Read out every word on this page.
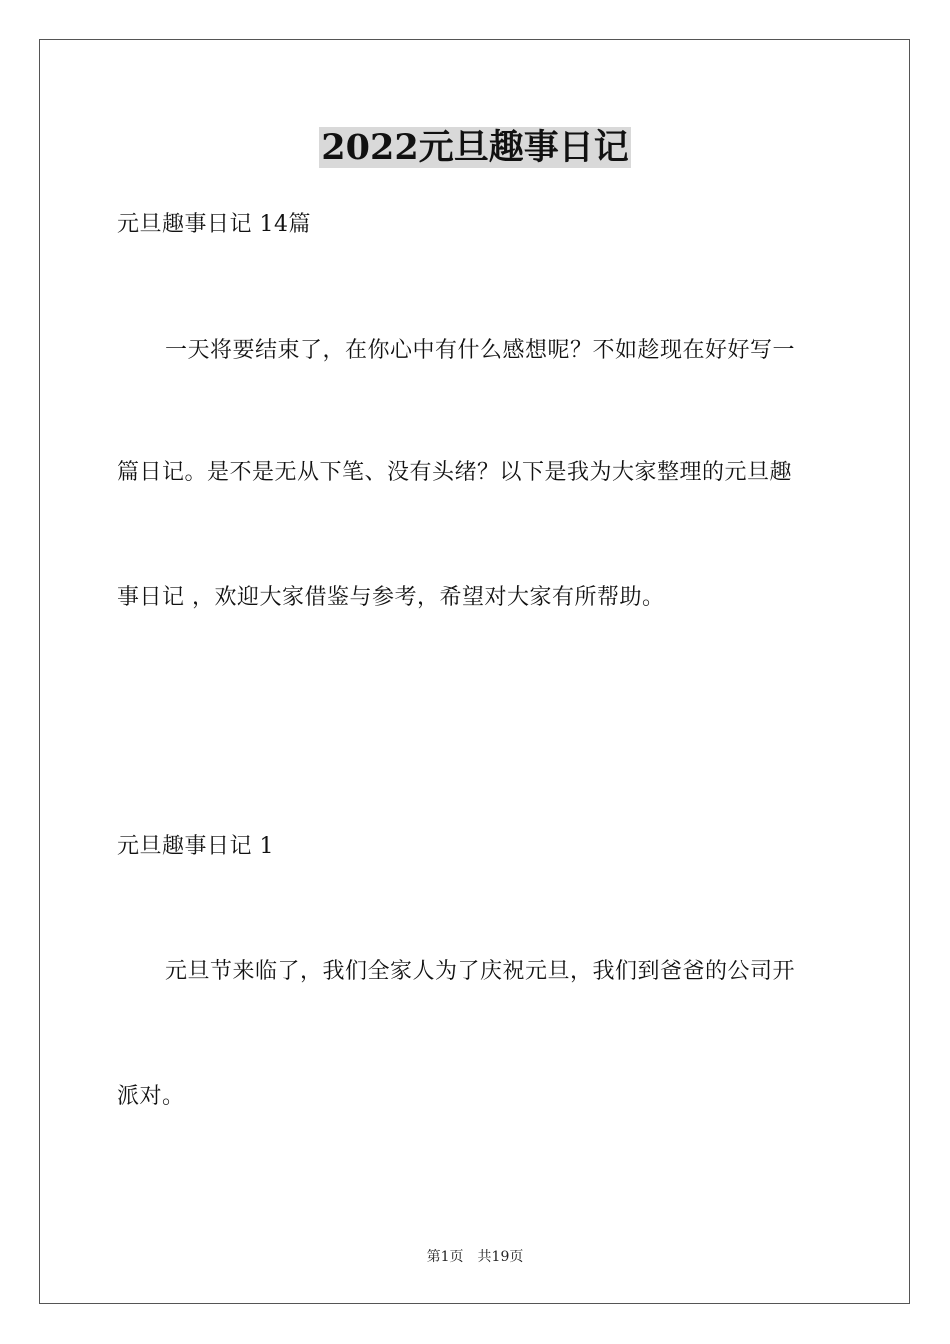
2022元旦趣事日记
元旦趣事日记 14篇
一天将要结束了，在你心中有什么感想呢？不如趁现在好好写一
篇日记。是不是无从下笔、没有头绪？以下是我为大家整理的元旦趣
事日记 ，欢迎大家借鉴与参考，希望对大家有所帮助。
元旦趣事日记 1
元旦节来临了，我们全家人为了庆祝元旦，我们到爸爸的公司开
派对。
第1页 共19页
